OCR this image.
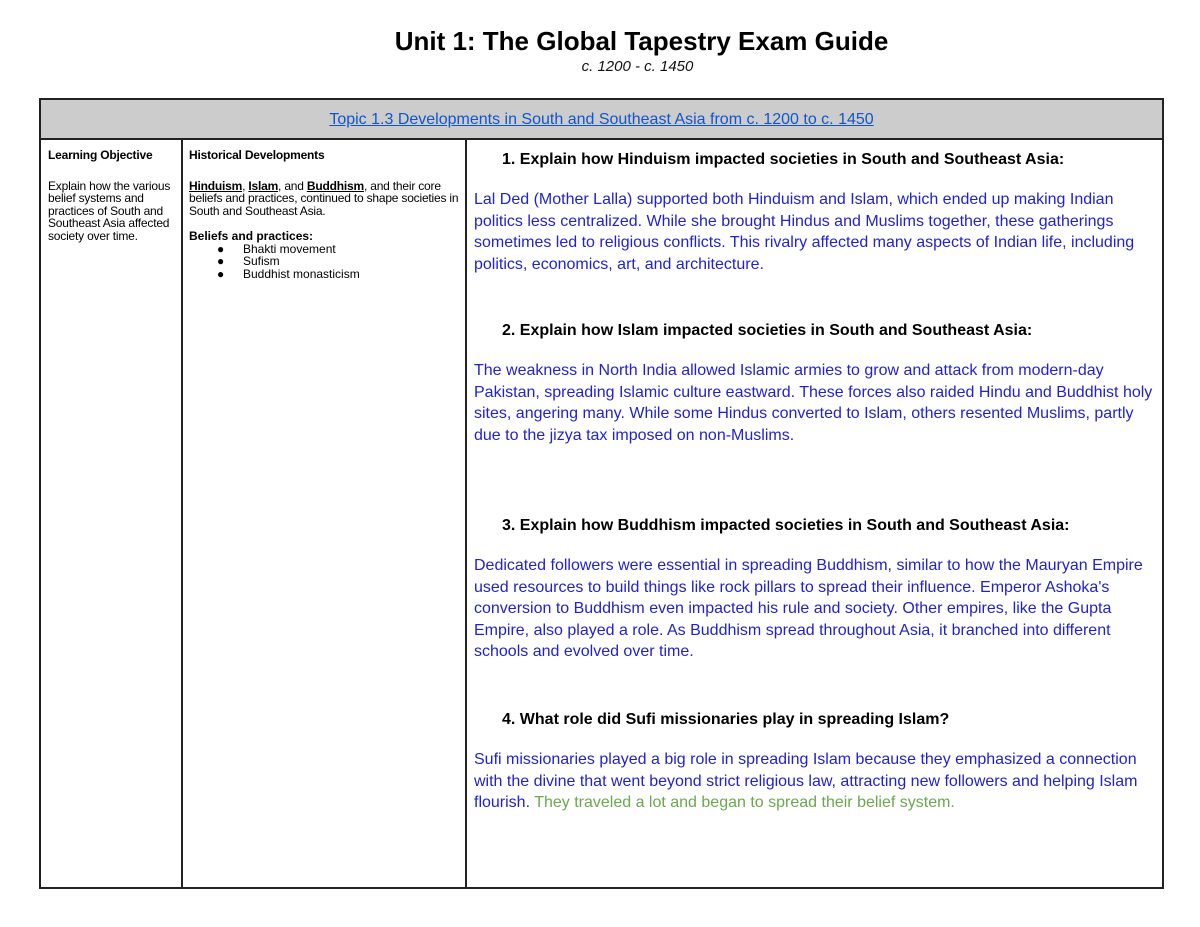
Unit 1: The Global Tapestry Exam Guide
c. 1200 - c. 1450
Topic 1.3 Developments in South and Southeast Asia from c. 1200 to c. 1450
Learning Objective
Explain how the various belief systems and practices of South and Southeast Asia affected society over time.
Historical Developments
Hinduism, Islam, and Buddhism, and their core beliefs and practices, continued to shape societies in South and Southeast Asia.
Beliefs and practices:
● Bhakti movement
● Sufism
● Buddhist monasticism
1. Explain how Hinduism impacted societies in South and Southeast Asia:
Lal Ded (Mother Lalla) supported both Hinduism and Islam, which ended up making Indian politics less centralized. While she brought Hindus and Muslims together, these gatherings sometimes led to religious conflicts. This rivalry affected many aspects of Indian life, including politics, economics, art, and architecture.
2. Explain how Islam impacted societies in South and Southeast Asia:
The weakness in North India allowed Islamic armies to grow and attack from modern-day Pakistan, spreading Islamic culture eastward. These forces also raided Hindu and Buddhist holy sites, angering many. While some Hindus converted to Islam, others resented Muslims, partly due to the jizya tax imposed on non-Muslims.
3. Explain how Buddhism impacted societies in South and Southeast Asia:
Dedicated followers were essential in spreading Buddhism, similar to how the Mauryan Empire used resources to build things like rock pillars to spread their influence. Emperor Ashoka's conversion to Buddhism even impacted his rule and society. Other empires, like the Gupta Empire, also played a role. As Buddhism spread throughout Asia, it branched into different schools and evolved over time.
4. What role did Sufi missionaries play in spreading Islam?
Sufi missionaries played a big role in spreading Islam because they emphasized a connection with the divine that went beyond strict religious law, attracting new followers and helping Islam flourish. They traveled a lot and began to spread their belief system.
